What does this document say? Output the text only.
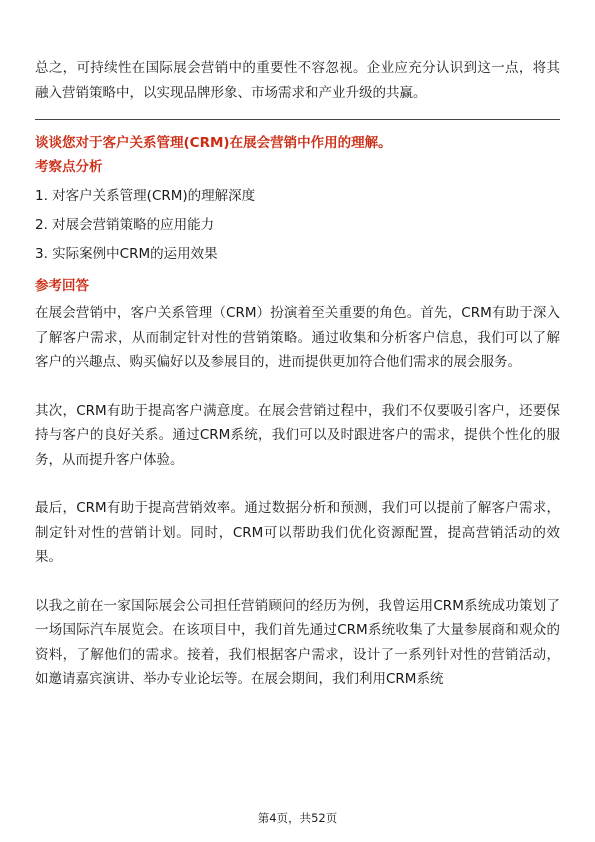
总之，可持续性在国际展会营销中的重要性不容忽视。企业应充分认识到这一点，将其融入营销策略中，以实现品牌形象、市场需求和产业升级的共赢。

谈谈您对于客户关系管理(CRM)在展会营销中作用的理解。
考察点分析
1. 对客户关系管理(CRM)的理解深度
2. 对展会营销策略的应用能力
3. 实际案例中CRM的运用效果
参考回答

在展会营销中，客户关系管理（CRM）扮演着至关重要的角色。首先，CRM有助于深入了解客户需求，从而制定针对性的营销策略。通过收集和分析客户信息，我们可以了解客户的兴趣点、购买偏好以及参展目的，进而提供更加符合他们需求的展会服务。

其次，CRM有助于提高客户满意度。在展会营销过程中，我们不仅要吸引客户，还要保持与客户的良好关系。通过CRM系统，我们可以及时跟进客户的需求，提供个性化的服务，从而提升客户体验。

最后，CRM有助于提高营销效率。通过数据分析和预测，我们可以提前了解客户需求，制定针对性的营销计划。同时，CRM可以帮助我们优化资源配置，提高营销活动的效果。

以我之前在一家国际展会公司担任营销顾问的经历为例，我曾运用CRM系统成功策划了一场国际汽车展览会。在该项目中，我们首先通过CRM系统收集了大量参展商和观众的资料，了解他们的需求。接着，我们根据客户需求，设计了一系列针对性的营销活动，如邀请嘉宾演讲、举办专业论坛等。在展会期间，我们利用CRM系统

第4页，共52页
